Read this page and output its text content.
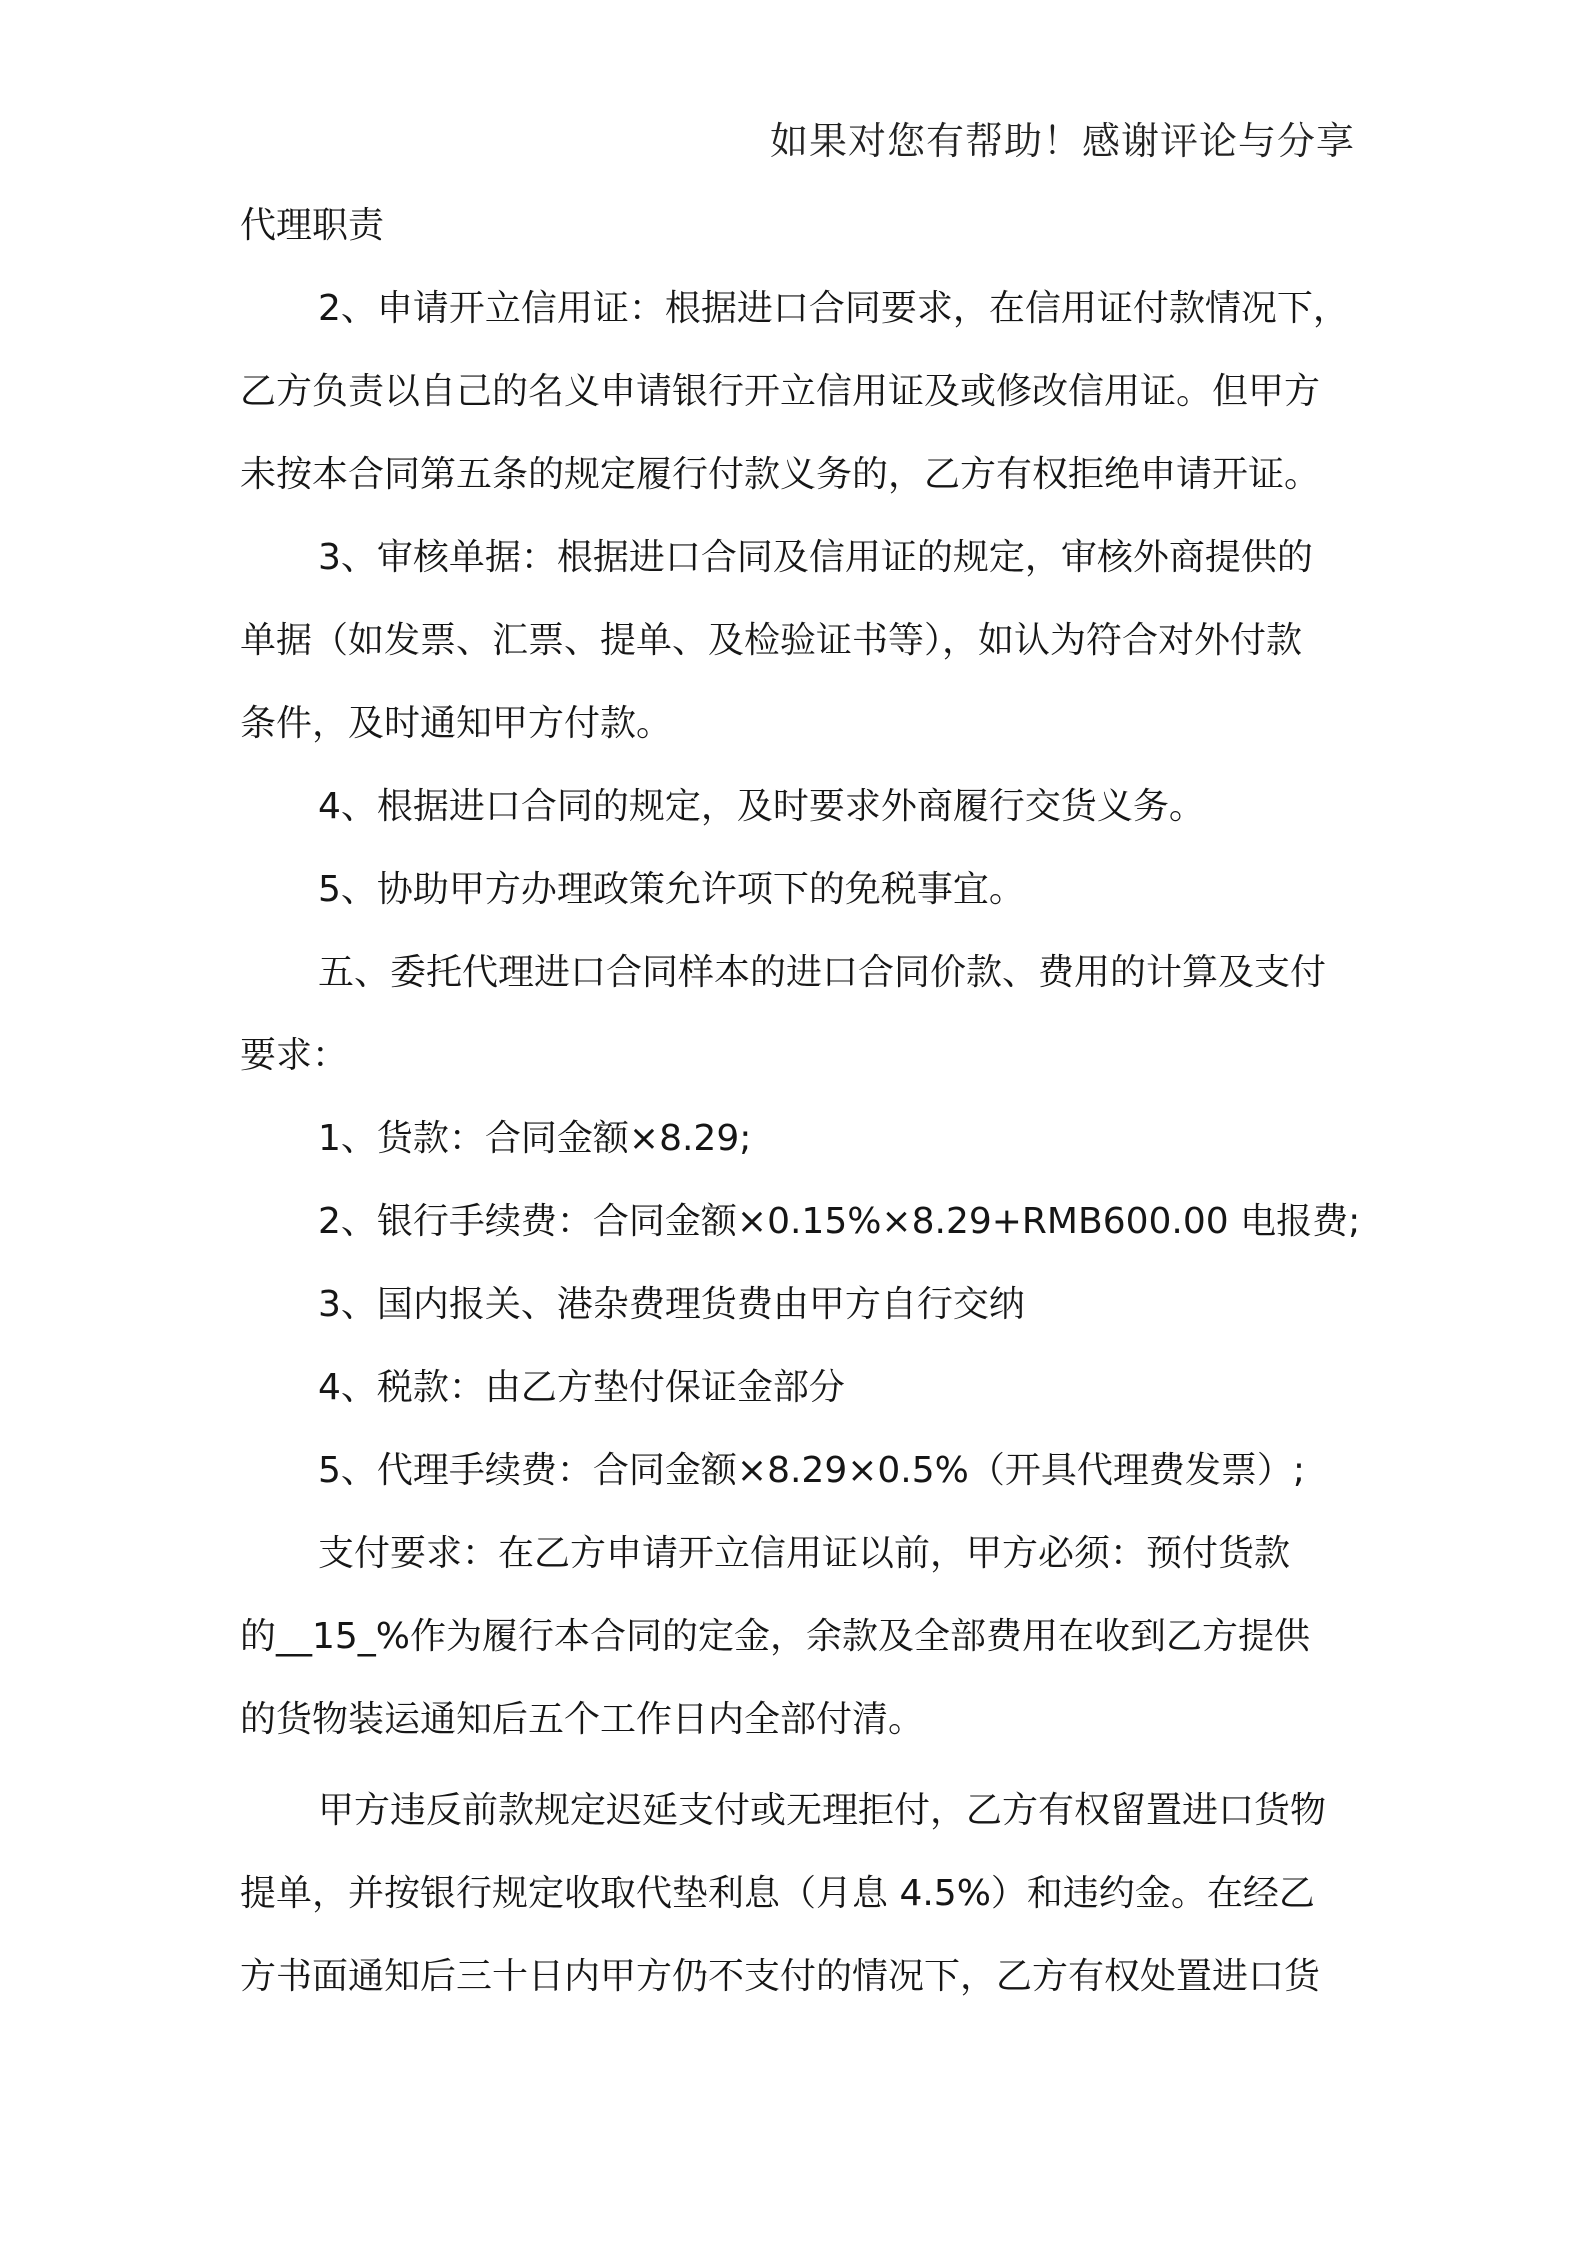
如果对您有帮助！感谢评论与分享
代理职责
2、申请开立信用证：根据进口合同要求，在信用证付款情况下，
乙方负责以自己的名义申请银行开立信用证及或修改信用证。但甲方
未按本合同第五条的规定履行付款义务的，乙方有权拒绝申请开证。
3、审核单据：根据进口合同及信用证的规定，审核外商提供的
单据（如发票、汇票、提单、及检验证书等），如认为符合对外付款
条件，及时通知甲方付款。
4、根据进口合同的规定，及时要求外商履行交货义务。
5、协助甲方办理政策允许项下的免税事宜。
五、委托代理进口合同样本的进口合同价款、费用的计算及支付
要求：
1、货款：合同金额×8.29;
2、银行手续费：合同金额×0.15%×8.29+RMB600.00 电报费;
3、国内报关、港杂费理货费由甲方自行交纳
4、税款：由乙方垫付保证金部分
5、代理手续费：合同金额×8.29×0.5%（开具代理费发票）;
支付要求：在乙方申请开立信用证以前，甲方必须：预付货款
的__15_%作为履行本合同的定金，余款及全部费用在收到乙方提供
的货物装运通知后五个工作日内全部付清。
甲方违反前款规定迟延支付或无理拒付，乙方有权留置进口货物
提单，并按银行规定收取代垫利息（月息 4.5%）和违约金。在经乙
方书面通知后三十日内甲方仍不支付的情况下，乙方有权处置进口货
